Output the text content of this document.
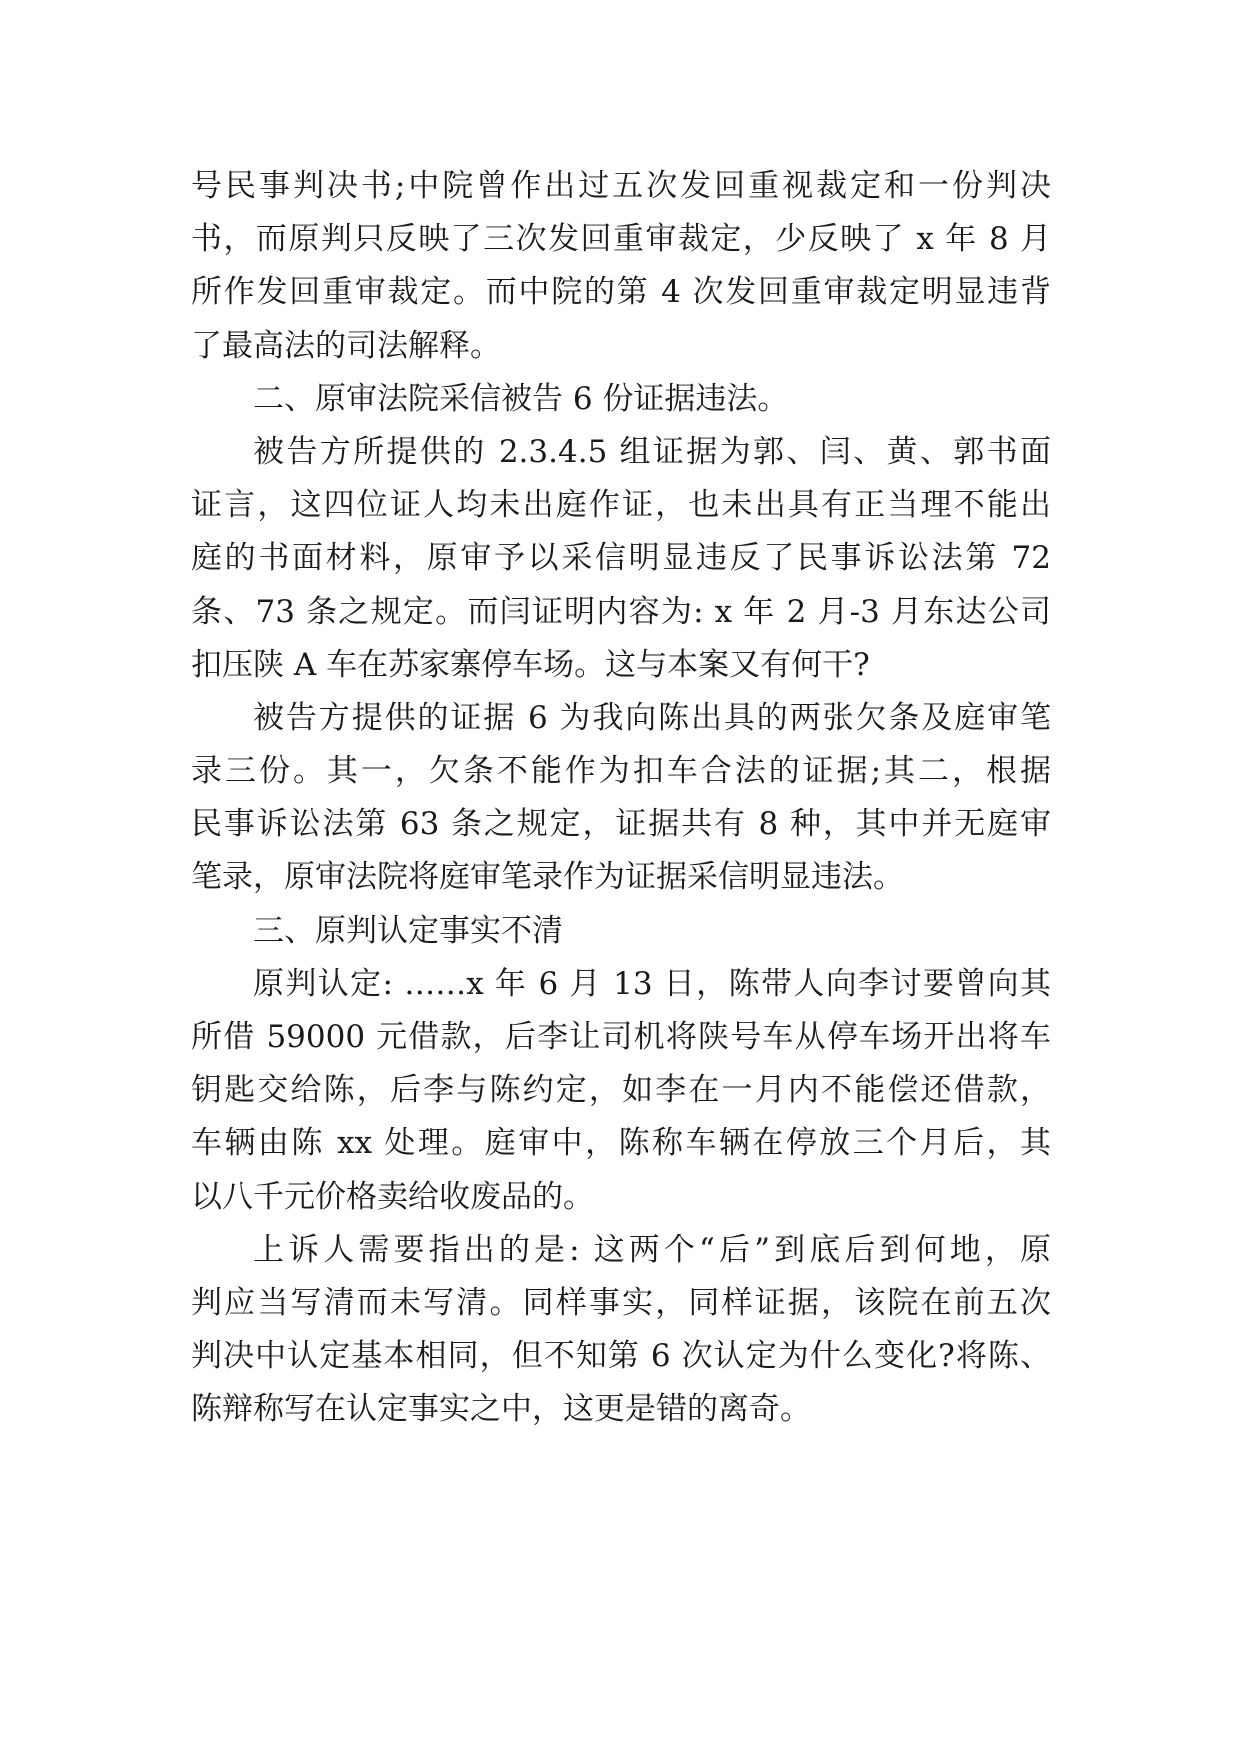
号民事判决书;中院曾作出过五次发回重视裁定和一份判决
书，而原判只反映了三次发回重审裁定，少反映了 x 年 8 月
所作发回重审裁定。而中院的第 4 次发回重审裁定明显违背
了最高法的司法解释。
二、原审法院采信被告 6 份证据违法。
被告方所提供的 2.3.4.5 组证据为郭、闫、黄、郭书面
证言，这四位证人均未出庭作证，也未出具有正当理不能出
庭的书面材料，原审予以采信明显违反了民事诉讼法第 72
条、73 条之规定。而闫证明内容为: x 年 2 月-3 月东达公司
扣压陕 A 车在苏家寨停车场。这与本案又有何干?
被告方提供的证据 6 为我向陈出具的两张欠条及庭审笔
录三份。其一，欠条不能作为扣车合法的证据;其二，根据
民事诉讼法第 63 条之规定，证据共有 8 种，其中并无庭审
笔录，原审法院将庭审笔录作为证据采信明显违法。
三、原判认定事实不清
原判认定: ……x 年 6 月 13 日，陈带人向李讨要曾向其
所借 59000 元借款，后李让司机将陕号车从停车场开出将车
钥匙交给陈，后李与陈约定，如李在一月内不能偿还借款，
车辆由陈 xx 处理。庭审中，陈称车辆在停放三个月后，其
以八千元价格卖给收废品的。
上诉人需要指出的是: 这两个“后”到底后到何地，原
判应当写清而未写清。同样事实，同样证据，该院在前五次
判决中认定基本相同，但不知第 6 次认定为什么变化?将陈、
陈辩称写在认定事实之中，这更是错的离奇。
